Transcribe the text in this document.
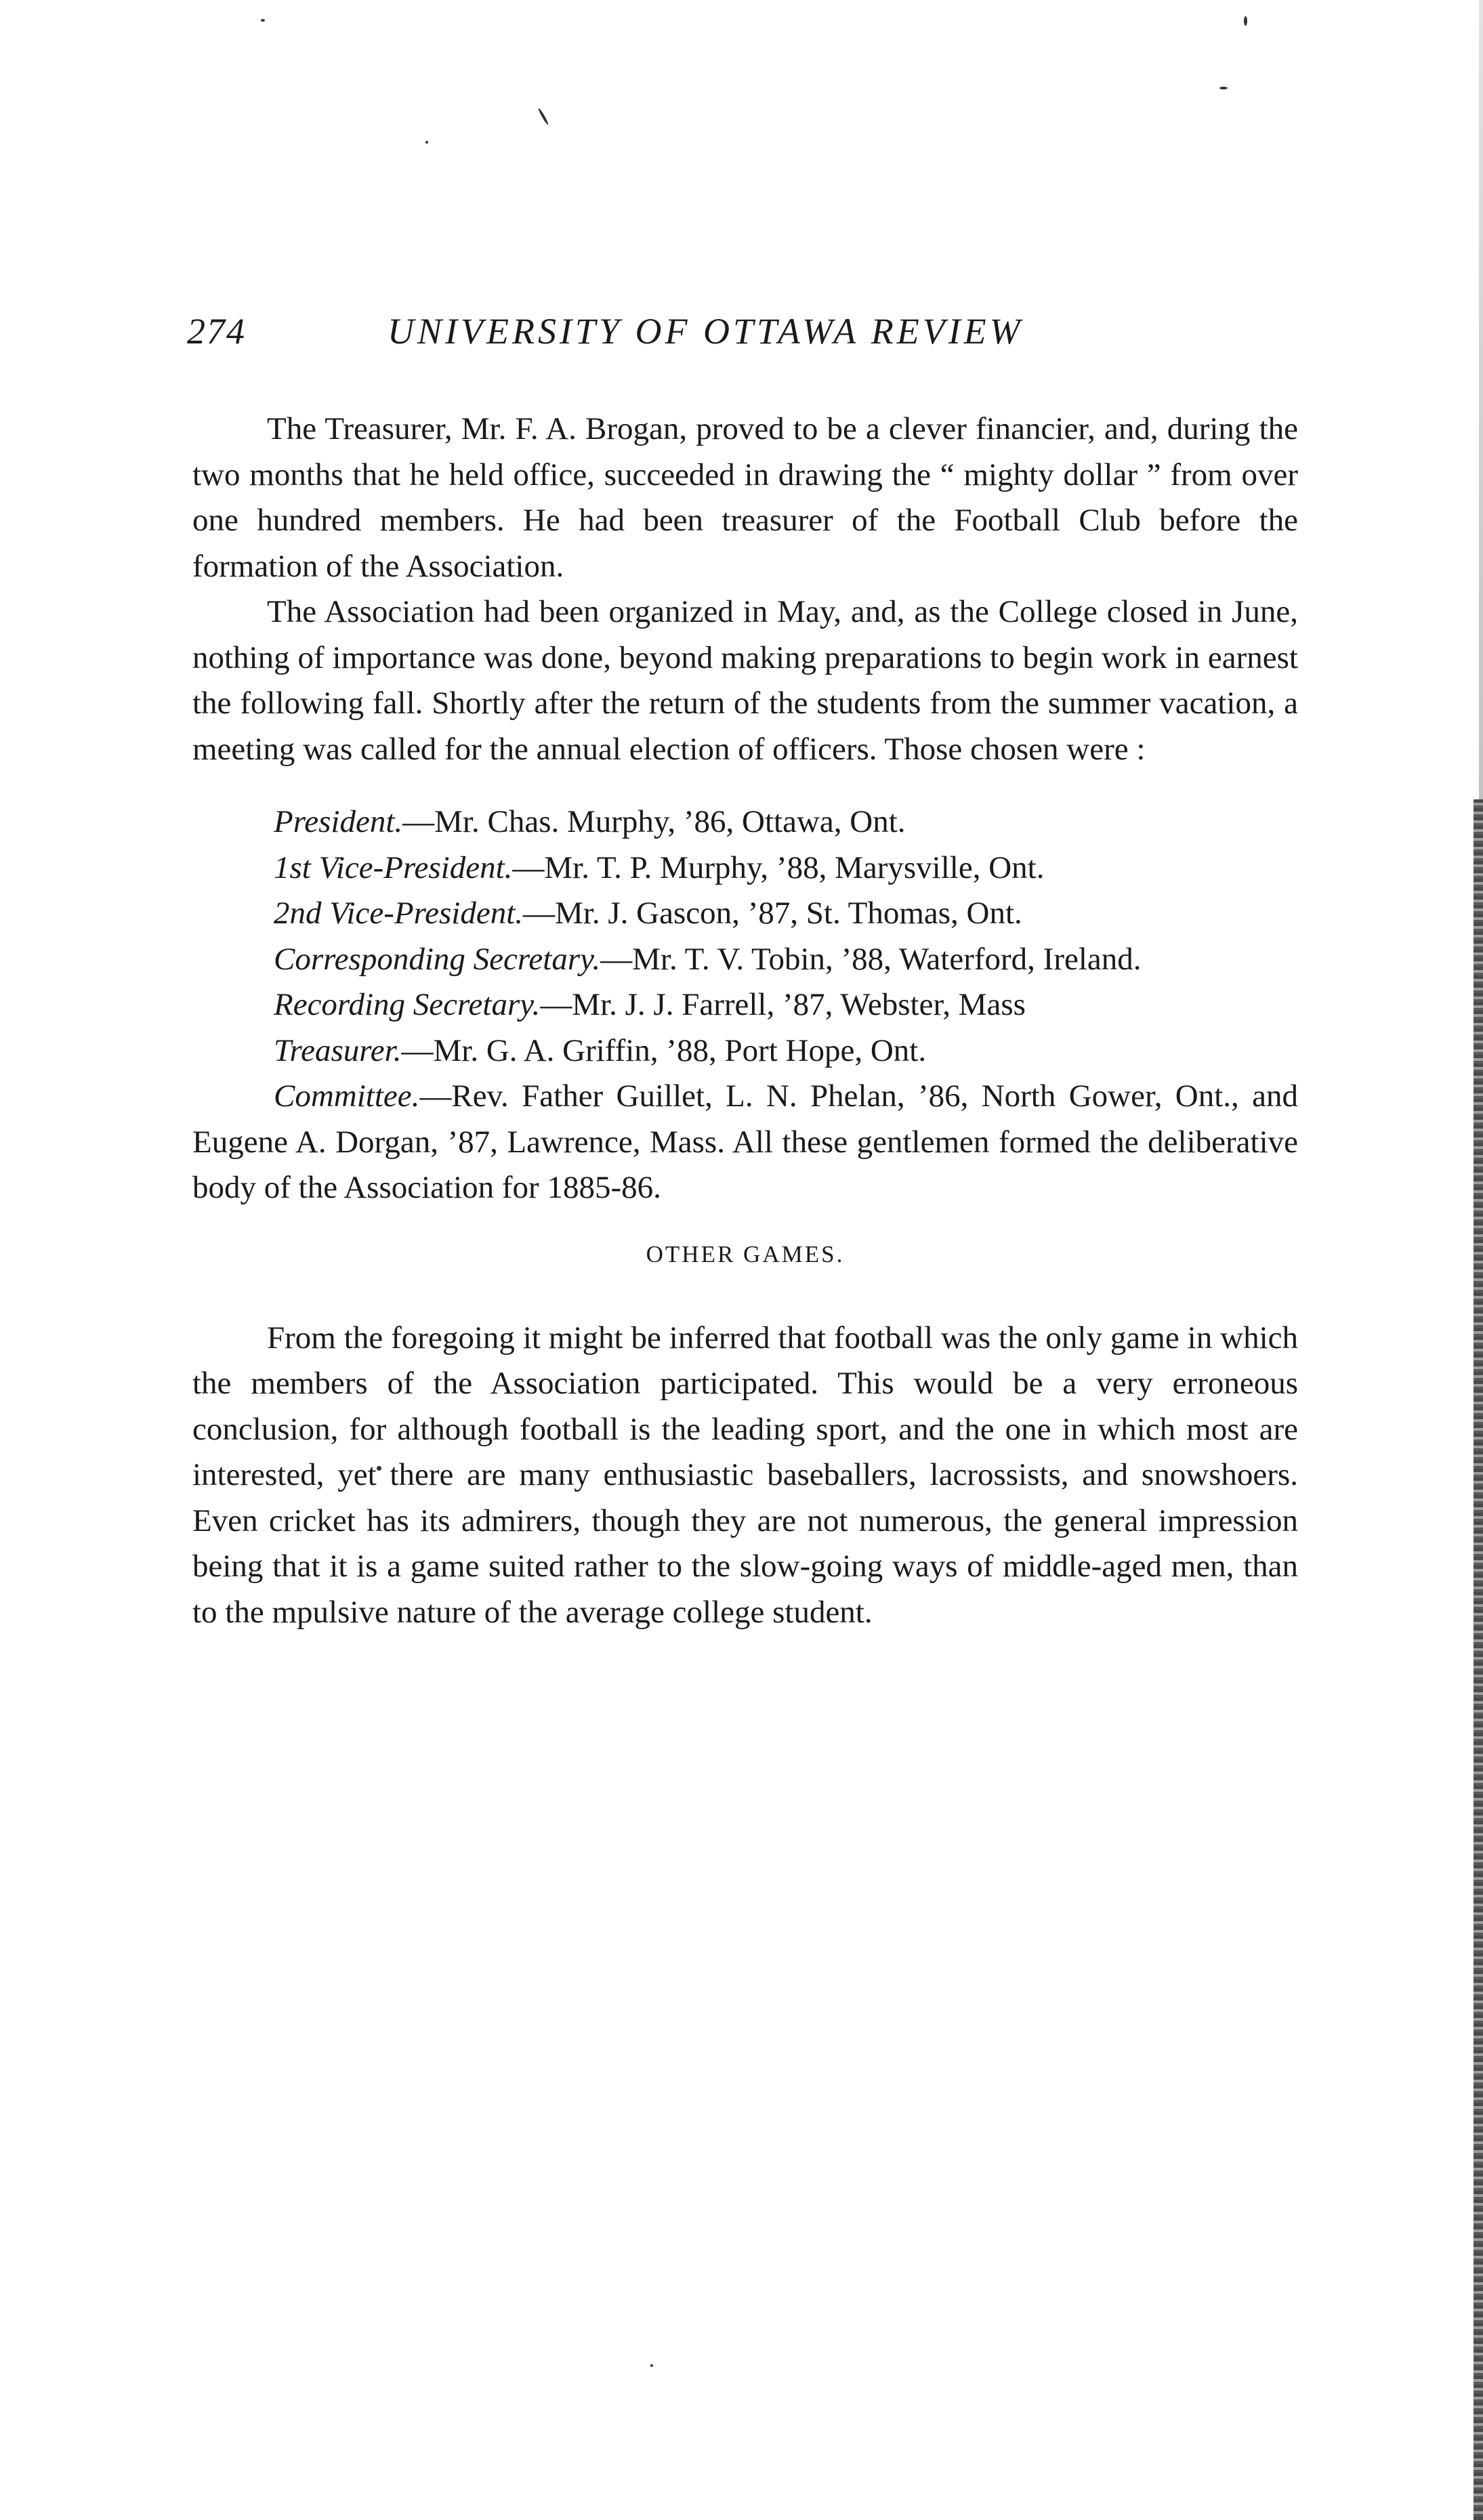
274	UNIVERSITY OF OTTAWA REVIEW

The Treasurer, Mr. F. A. Brogan, proved to be a clever financier, and, during the two months that he held office, succeeded in drawing the “ mighty dollar ” from over one hundred members. He had been treasurer of the Football Club before the formation of the Association.

The Association had been organized in May, and, as the College closed in June, nothing of importance was done, beyond making preparations to begin work in earnest the following fall. Shortly after the return of the students from the summer vacation, a meeting was called for the annual election of officers. Those chosen were :

President.—Mr. Chas. Murphy, ’86, Ottawa, Ont.

1st Vice-President.—Mr. T. P. Murphy, ’88, Marysville, Ont.

2nd Vice-President.—Mr. J. Gascon, ’87, St. Thomas, Ont.

Corresponding Secretary.—Mr. T. V. Tobin, ’88, Waterford, Ireland.

Recording Secretary.—Mr. J. J. Farrell, ’87, Webster, Mass

Treasurer.—Mr. G. A. Griffin, ’88, Port Hope, Ont.

Committee.—Rev. Father Guillet, L. N. Phelan, ’86, North Gower, Ont., and Eugene A. Dorgan, ’87, Lawrence, Mass. All these gentlemen formed the deliberative body of the Association for 1885-86.

OTHER GAMES.

From the foregoing it might be inferred that football was the only game in which the members of the Association participated. This would be a very erroneous conclusion, for although football is the leading sport, and the one in which most are interested, yet there are many enthusiastic baseballers, lacrossists, and snowshoers. Even cricket has its admirers, though they are not numerous, the general impression being that it is a game suited rather to the slow-going ways of middle-aged men, than to the mpulsive nature of the average college student.
